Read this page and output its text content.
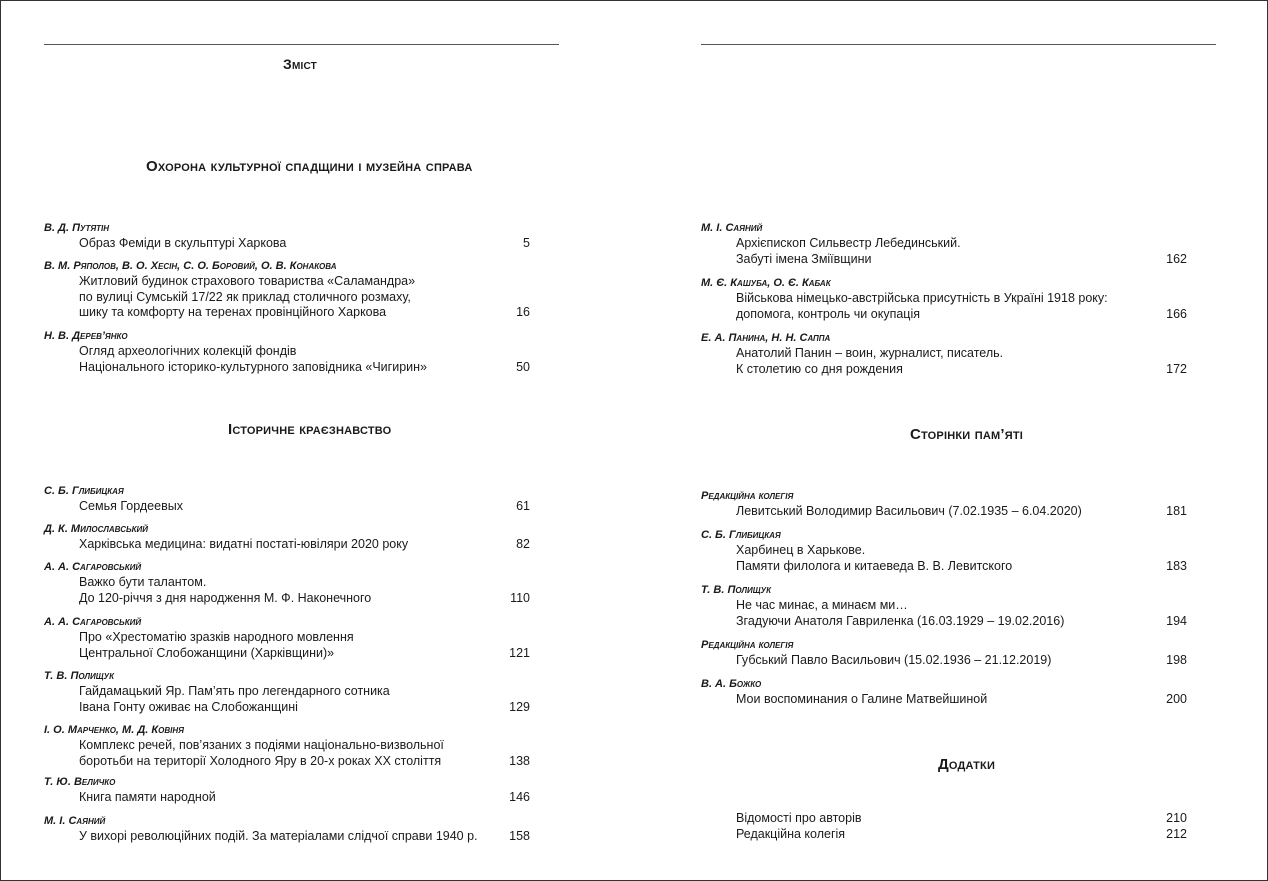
Зміст
Охорона культурної спадщини і музейна справа
В. Д. Путятін
Образ Феміди в скульптурі Харкова	5
В. М. Ряполов, В. О. Хесін, С. О. Боровий, О. В. Конакова
Житловий будинок страхового товариства «Саламандра»
по вулиці Сумській 17/22 як приклад столичного розмаху,
шику та комфорту на теренах провінційного Харкова	16
Н. В. Дерев’янко
Огляд археологічних колекцій фондів
Національного історико-культурного заповідника «Чигирин»	50
Історичне краєзнавство
С. Б. Глибицкая
Семья Гордеевых	61
Д. К. Милославський
Харківська медицина: видатні постаті-ювіляри 2020 року	82
А. А. Сагаровський
Важко бути талантом.
До 120-річчя з дня народження М. Ф. Наконечного	110
А. А. Сагаровський
Про «Хрестоматію зразків народного мовлення
Центральної Слобожанщини (Харківщини)»	121
Т. В. Полищук
Гайдамацький Яр. Пам’ять про легендарного сотника
Івана Гонту оживає на Слобожанщині	129
І. О. Марченко, М. Д. Ковіня
Комплекс речей, пов’язаних з подіями національно-визвольної
боротьби на території Холодного Яру в 20-х роках ХХ століття	138
Т. Ю. Величко
Книга памяти народной	146
М. І. Саяний
У вихорі революційних подій. За матеріалами слідчої справи 1940 р.	158
М. І. Саяний
Архієпископ Сильвестр Лебединський.
Забуті імена Зміївщини	162
М. Є. Кашуба, О. Є. Кабак
Військова німецько-австрійська присутність в Україні 1918 року:
допомога, контроль чи окупація	166
Е. А. Панина, Н. Н. Саппа
Анатолий Панин – воин, журналист, писатель.
К столетию со дня рождения	172
Сторінки пам’яті
Редакційна колегія
Левитський Володимир Васильович (7.02.1935 – 6.04.2020)	181
С. Б. Глибицкая
Харбинец в Харькове.
Памяти филолога и китаеведа В. В. Левитского	183
Т. В. Полищук
Не час минає, а минаєм ми…
Згадуючи Анатоля Гавриленка (16.03.1929 – 19.02.2016)	194
Редакційна колегія
Губський Павло Васильович (15.02.1936 – 21.12.2019)	198
В. А. Божко
Мои воспоминания о Галине Матвейшиной	200
Додатки
Відомості про авторів	210
Редакційна колегія	212
